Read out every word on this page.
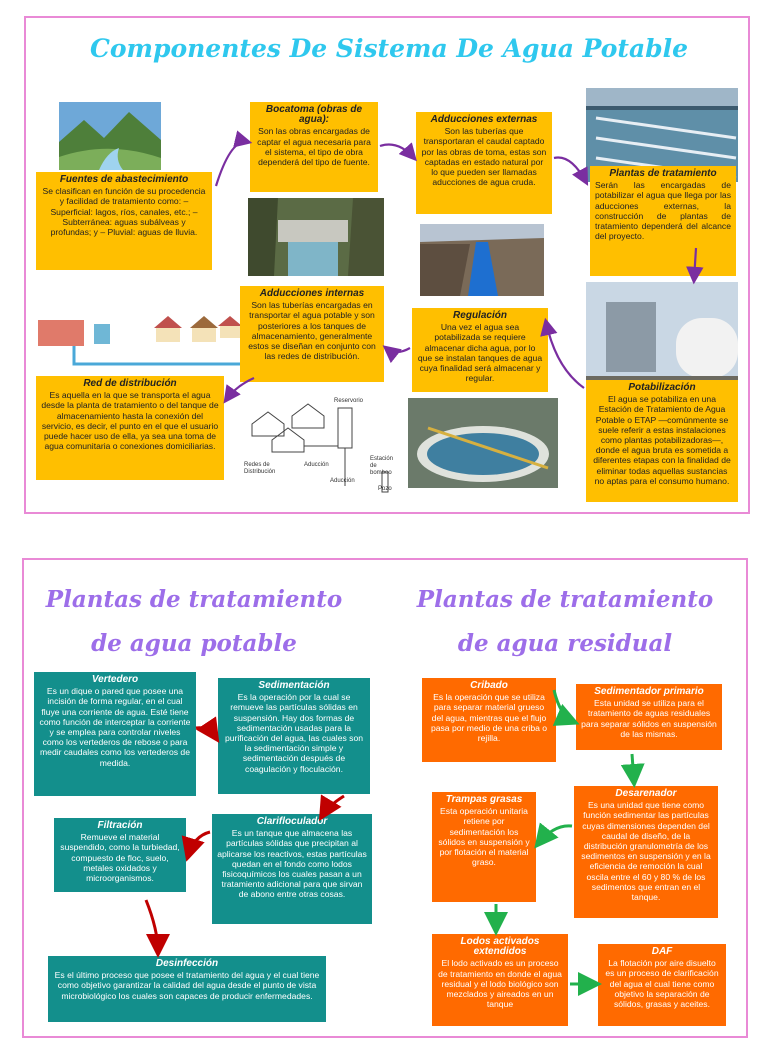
Componentes De Sistema De Agua Potable
Redes de Distribución
Aducción
Reservorio
Estación de bombeo
Pozo
Aducción
Fuentes de abastecimiento
Se clasifican en función de su procedencia y facilidad de tratamiento como: – Superficial: lagos, ríos, canales, etc.; – Subterránea: aguas subálveas y profundas; y – Pluvial: aguas de lluvia.
Bocatoma (obras de agua):
Son las obras encargadas de captar el agua necesaria para el sistema, el tipo de obra dependerá del tipo de fuente.
Adducciones externas
Son las tuberías que transportaran el caudal captado por las obras de toma, estas son captadas en estado natural por lo que pueden ser llamadas aducciones de agua cruda.
Plantas de tratamiento
Serán las encargadas de potabilizar el agua que llega por las aducciones externas, la construcción de plantas de tratamiento dependerá del alcance del proyecto.
Adducciones internas
Son las tuberías encargadas en transportar el agua potable y son posteriores a los tanques de almacenamiento, generalmente estos se diseñan en conjunto con las redes de distribución.
Regulación
Una vez el agua sea potabilizada se requiere almacenar dicha agua, por lo que se instalan tanques de agua cuya finalidad será almacenar y regular.
Red de distribución
Es aquella en la que se transporta el agua desde la planta de tratamiento o del tanque de almacenamiento hasta la conexión del servicio, es decir, el punto en el que el usuario puede hacer uso de ella, ya sea una toma de agua comunitaria o conexiones domiciliarias.
Potabilización
El agua se potabiliza en una Estación de Tratamiento de Agua Potable o ETAP —comúnmente se suele referir a estas instalaciones como plantas potabilizadoras—, donde el agua bruta es sometida a diferentes etapas con la finalidad de eliminar todas aquellas sustancias no aptas para el consumo humano.
Plantas de tratamiento
de agua potable
Plantas de tratamiento
de agua residual
Vertedero
Es un dique o pared que posee una incisión de forma regular, en el cual fluye una corriente de agua. Esté tiene como función de interceptar la corriente y se emplea para controlar niveles como los vertederos de rebose o para medir caudales como los vertederos de medida.
Sedimentación
Es la operación por la cual se remueve las partículas sólidas en suspensión. Hay dos formas de sedimentación usadas para la purificación del agua, las cuales son la sedimentación simple y sedimentación después de coagulación y floculación.
Filtración
Remueve el material suspendido, como la turbiedad, compuesto de floc, suelo, metales oxidados y microorganismos.
Clarifloculador
Es un tanque que almacena las partículas sólidas que precipitan al aplicarse los reactivos, estas partículas quedan en el fondo como lodos fisicoquímicos los cuales pasan a un tratamiento adicional para que sirvan de abono entre otras cosas.
Desinfección
Es el último proceso que posee el tratamiento del agua y el cual tiene como objetivo garantizar la calidad del agua desde el punto de vista microbiológico los cuales son capaces de producir enfermedades.
Cribado
Es la operación que se utiliza para separar material grueso del agua, mientras que el flujo pasa por medio de una criba o rejilla.
Sedimentador primario
Esta unidad se utiliza para el tratamiento de aguas residuales para separar sólidos en suspensión de las mismas.
Desarenador
Es una unidad que tiene como función sedimentar las partículas cuyas dimensiones dependen del caudal de diseño, de la distribución granulometría de los sedimentos en suspensión y en la eficiencia de remoción la cual oscila entre el 60 y 80 % de los sedimentos que entran en el tanque.
Trampas grasas
Esta operación unitaria retiene por sedimentación los sólidos en suspensión y por flotación el material graso.
Lodos activados extendidos
El lodo activado es un proceso de tratamiento en donde el agua residual y el lodo biológico son mezclados y aireados en un tanque
DAF
La flotación por aire disuelto es un proceso de clarificación del agua el cual tiene como objetivo la separación de sólidos, grasas y aceites.
